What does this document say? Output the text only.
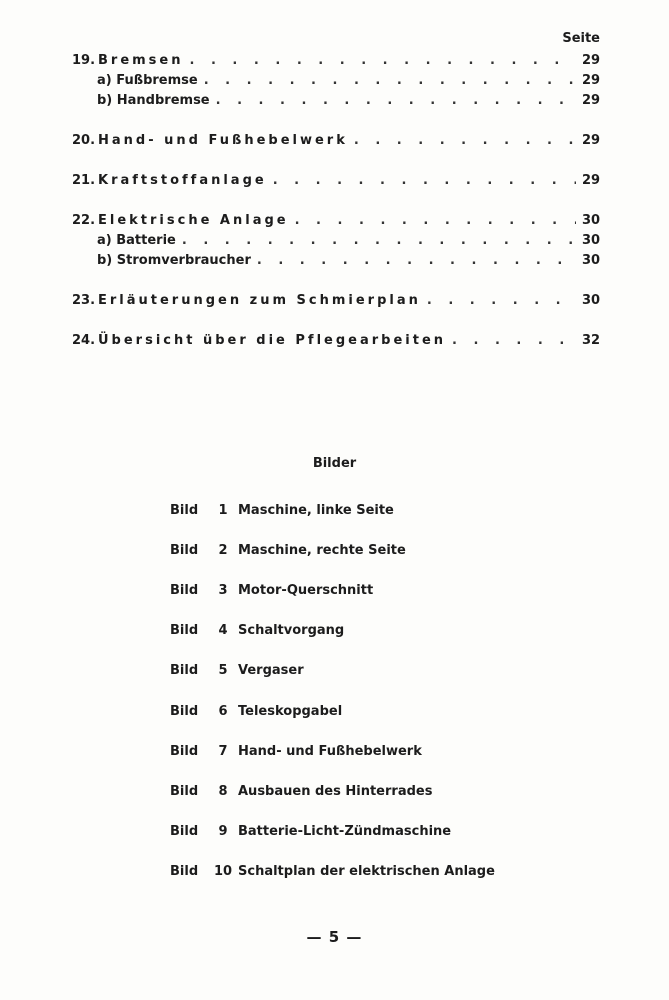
Seite
19. Bremsen . . .	29
a) Fußbremse . . .	29
b) Handbremse . . .	29
20. Hand- und Fußhebelwerk . . .	29
21. Kraftstoffanlage . . .	29
22. Elektrische Anlage . . .	30
a) Batterie . . .	30
b) Stromverbraucher . . .	30
23. Erläuterungen zum Schmierplan . . .	30
24. Übersicht über die Pflegearbeiten . . .	32
Bilder
Bild	1 Maschine, linke Seite
Bild	2 Maschine, rechte Seite
Bild	3 Motor-Querschnitt
Bild	4 Schaltvorgang
Bild	5 Vergaser
Bild	6 Teleskopgabel
Bild	7 Hand- und Fußhebelwerk
Bild	8 Ausbauen des Hinterrades
Bild	9 Batterie-Licht-Zündmaschine
Bild	10 Schaltplan der elektrischen Anlage
— 5 —
